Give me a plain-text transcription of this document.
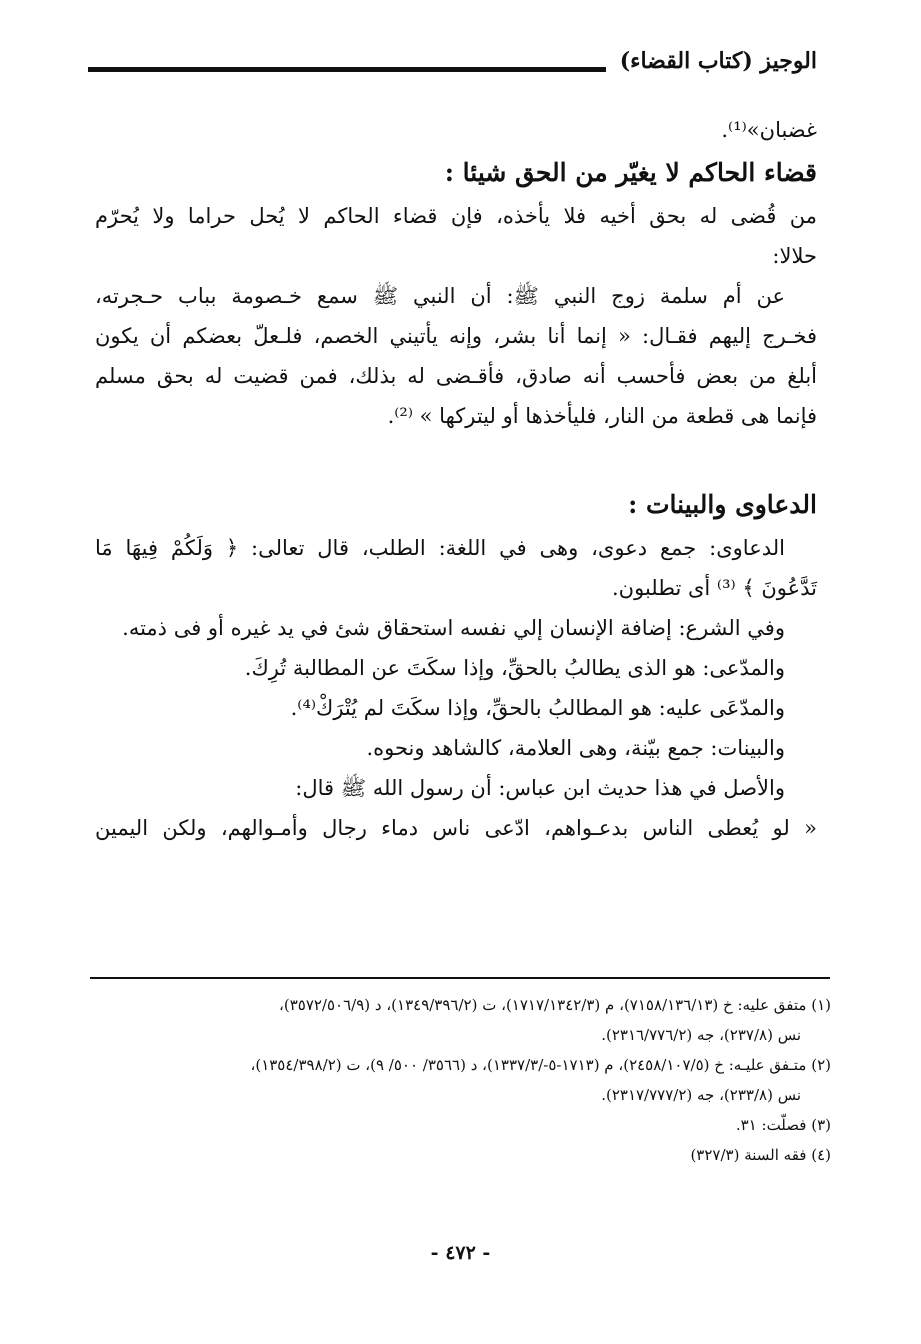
الوجيز (كتاب القضاء)
غضبان»⁽¹⁾.
قضاء الحاكم لا يغيّر من الحق شيئا :
من قُضى له بحق أخيه فلا يأخذه، فإن قضاء الحاكم لا يُحل حراما ولا يُحرّم
حلالا:
عن أم سلمة زوج النبي ﷺ: أن النبي ﷺ سمع خـصومة بباب حـجرته،
فخـرج إليهم فقـال: « إنما أنا بشر، وإنه يأتيني الخصم، فلـعلّ بعضكم أن يكون
أبلغ من بعض فأحسب أنه صادق، فأقـضى له بذلك، فمن قضيت له بحق مسلم
فإنما هى قطعة من النار، فليأخذها أو ليتركها » ⁽²⁾.
الدعاوى والبينات :
الدعاوى: جمع دعوى، وهى في اللغة: الطلب، قال تعالى: ﴿ وَلَكُمْ فِيهَا مَا
تَدَّعُونَ ﴾ ⁽³⁾ أى تطلبون.
وفي الشرع: إضافة الإنسان إلي نفسه استحقاق شئ في يد غيره أو فى ذمته.
والمدّعى: هو الذى يطالبُ بالحقِّ، وإذا سكَتَ عن المطالبة تُرِكَ.
والمدّعَى عليه: هو المطالبُ بالحقِّ، وإذا سكَتَ لم يُتْرَكْ⁽⁴⁾.
والبينات: جمع بيّنة، وهى العلامة، كالشاهد ونحوه.
والأصل في هذا حديث ابن عباس: أن رسول الله ﷺ قال:
« لو يُعطى الناس بدعـواهم، ادّعى ناس دماء رجال وأمـوالهم، ولكن اليمين
(١) متفق عليه: خ (٧١٥٨/١٣٦/١٣)، م (١٧١٧/١٣٤٢/٣)، ت (١٣٤٩/٣٩٦/٢)، د (٣٥٧٢/٥٠٦/٩)،
نس (٢٣٧/٨)، جه (٢٣١٦/٧٧٦/٢).
(٢) متـفق عليـه: خ (٢٤٥٨/١٠٧/٥)، م (١٧١٣-٥-/١٣٣٧/٣)، د (٣٥٦٦/ ٥٠٠/ ٩)، ت (١٣٥٤/٣٩٨/٢)،
نس (٢٣٣/٨)، جه (٢٣١٧/٧٧٧/٢).
(٣) فصلّت: ٣١.
(٤) فقه السنة (٣٢٧/٣)
- ٤٧٢ -
